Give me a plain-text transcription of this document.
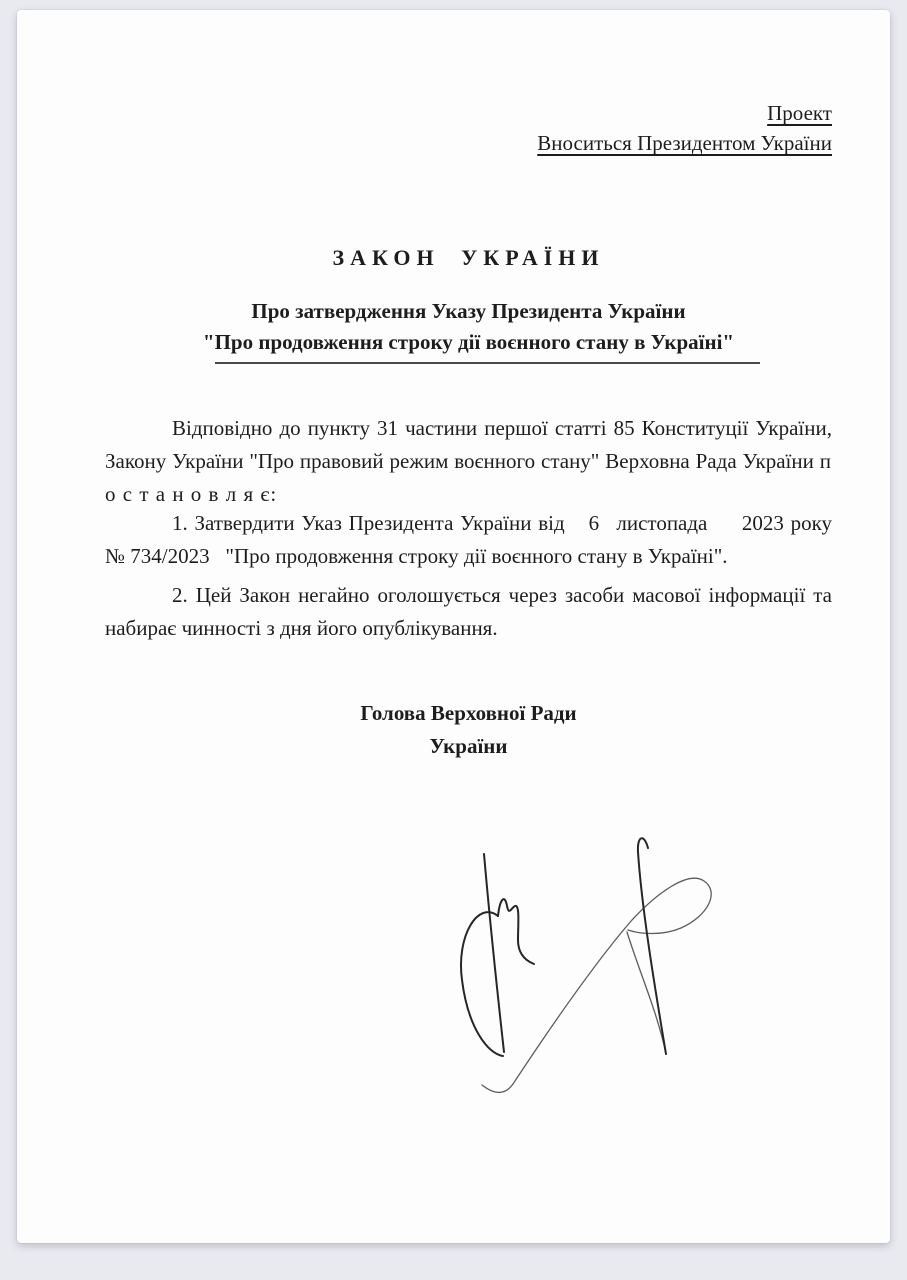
Проект
Вноситься Президентом України
ЗАКОН УКРАЇНИ
Про затвердження Указу Президента України
"Про продовження строку дії воєнного стану в Україні"

Відповідно до пункту 31 частини першої статті 85 Конституції України, Закону України "Про правовий режим воєнного стану" Верховна Рада України п о с т а н о в л я є:

1. Затвердити Указ Президента України від   6  листопада    2023 року № 734/2023  "Про продовження строку дії воєнного стану в Україні".

2. Цей Закон негайно оголошується через засоби масової інформації та набирає чинності з дня його опублікування.

Голова Верховної Ради
України
